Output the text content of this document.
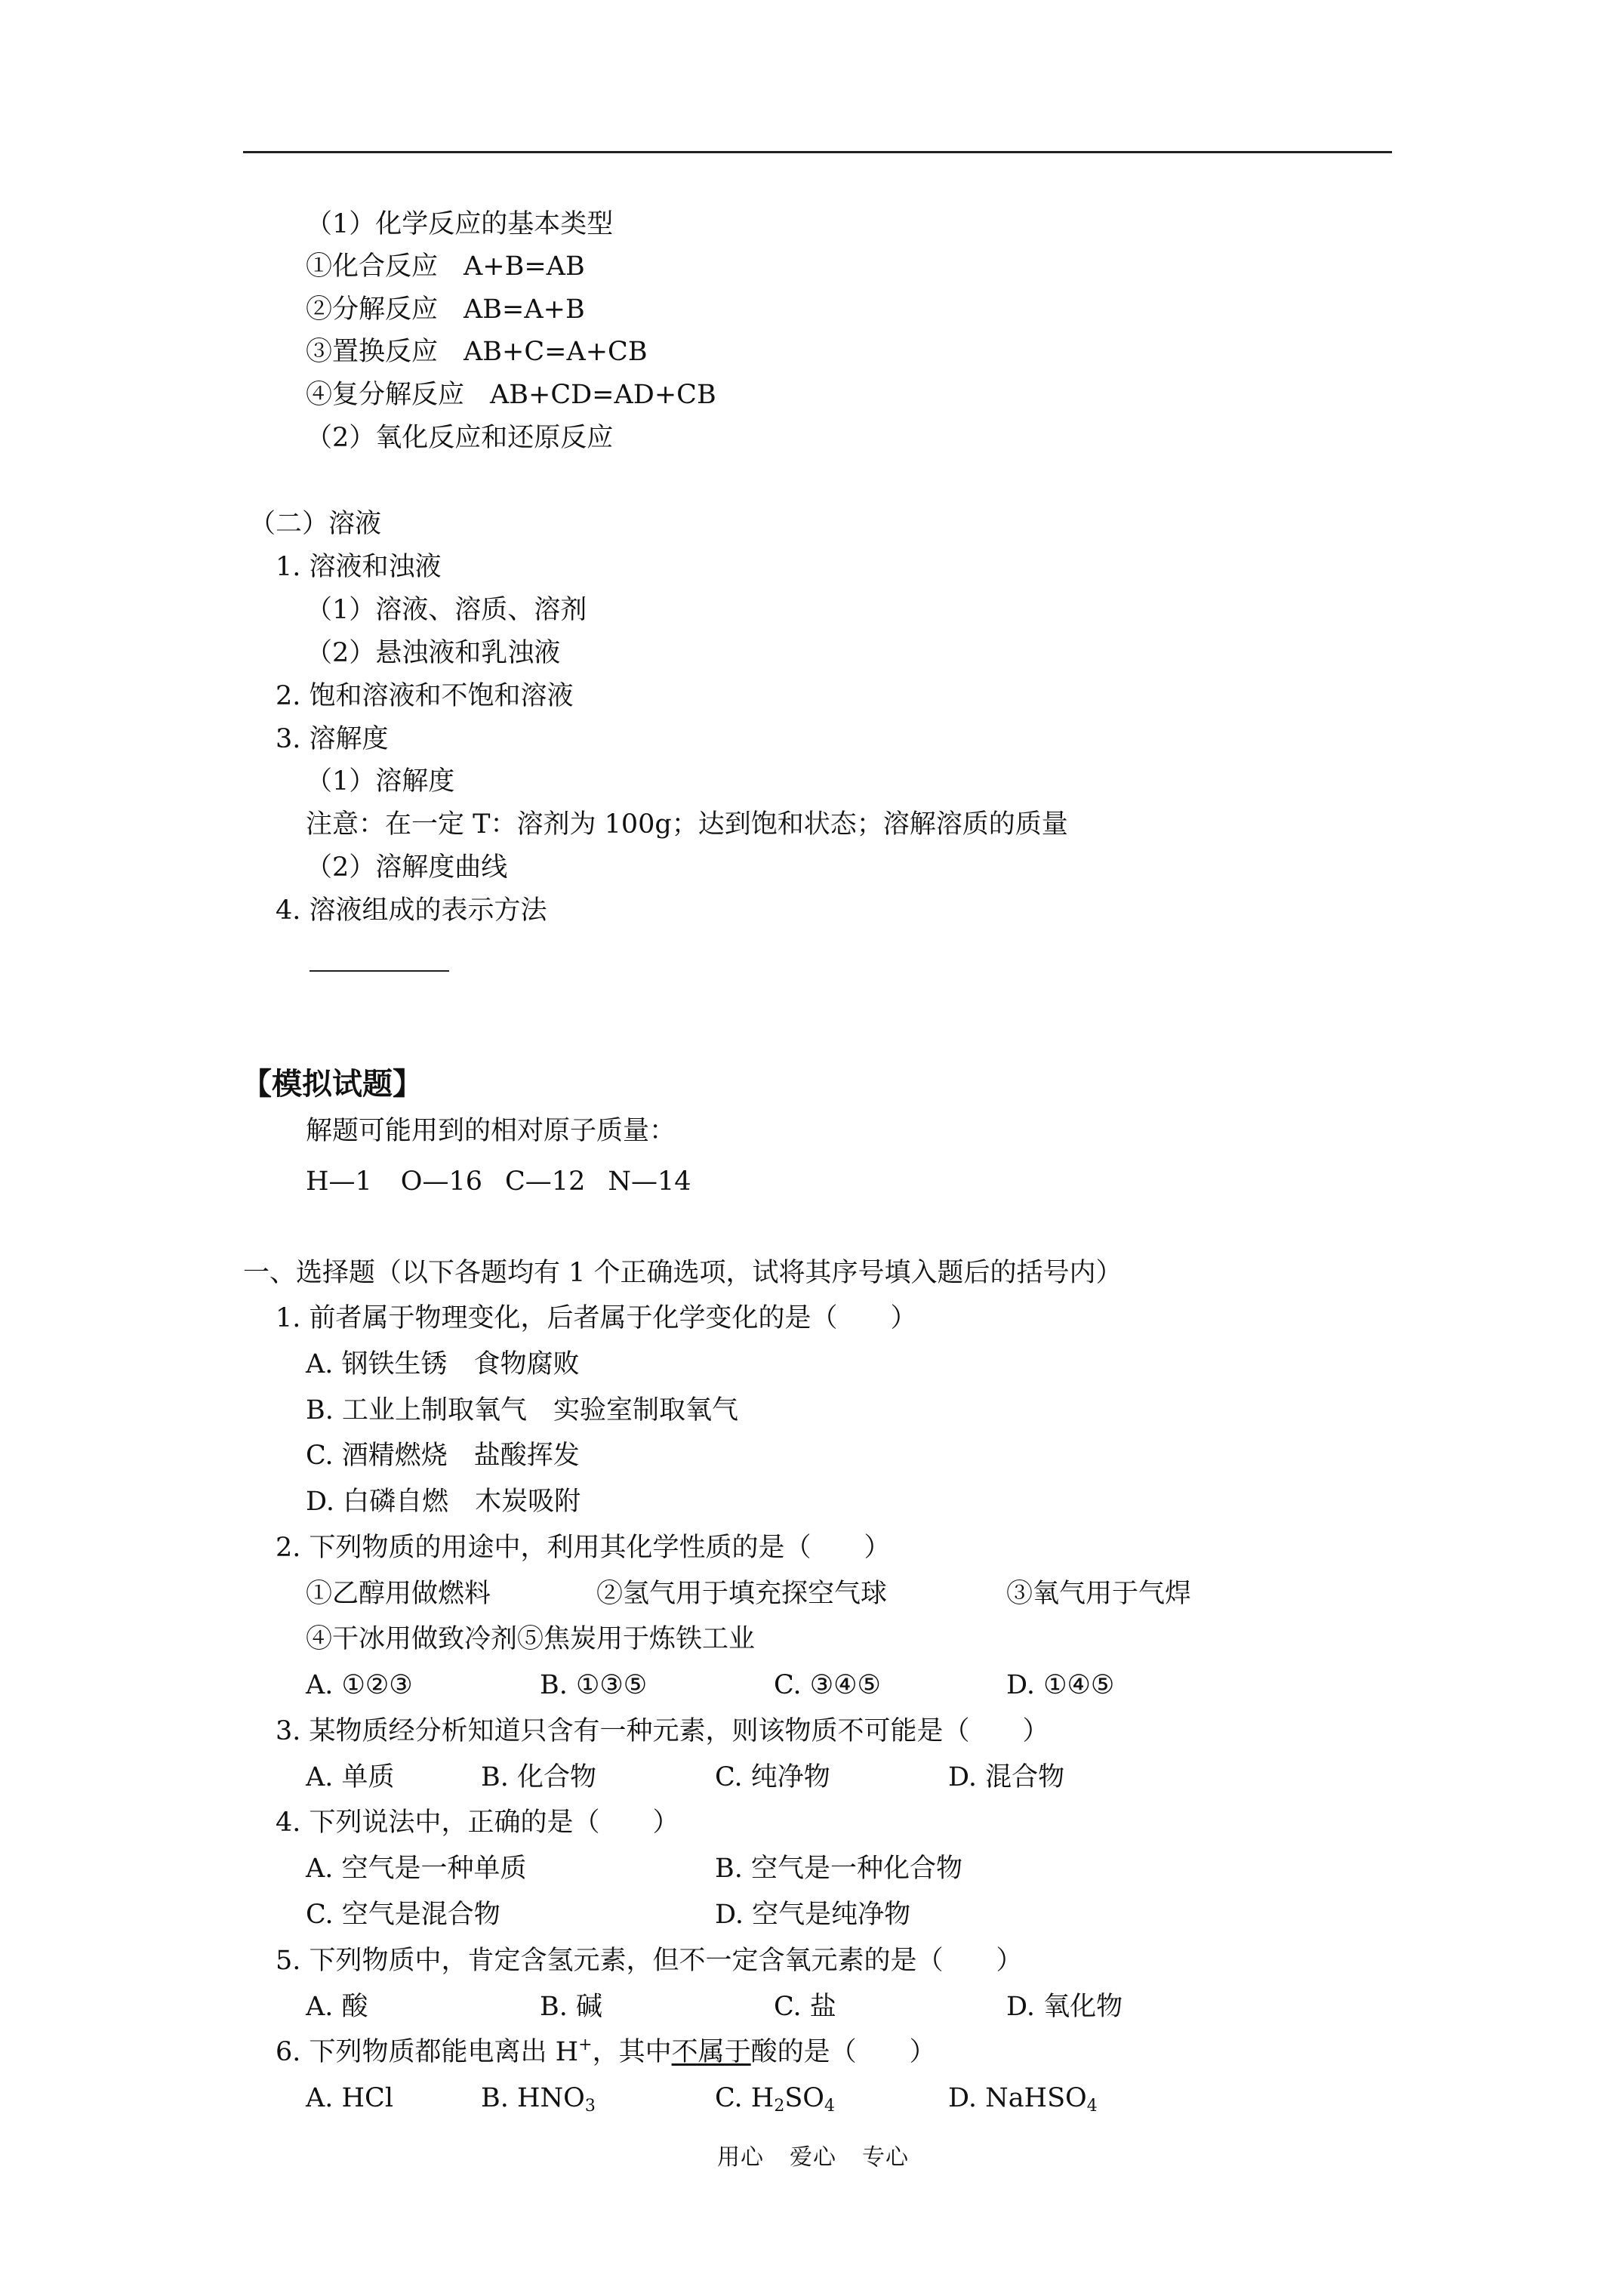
（1）化学反应的基本类型
①化合反应 A+B=AB
②分解反应 AB=A+B
③置换反应 AB+C=A+CB
④复分解反应 AB+CD=AD+CB
（2）氧化反应和还原反应
（二）溶液
1. 溶液和浊液
（1）溶液、溶质、溶剂
（2）悬浊液和乳浊液
2. 饱和溶液和不饱和溶液
3. 溶解度
（1）溶解度
注意：在一定 T：溶剂为 100g；达到饱和状态；溶解溶质的质量
（2）溶解度曲线
4. 溶液组成的表示方法
【模拟试题】
解题可能用到的相对原子质量：
H—1 O—16 C—12 N—14
一、选择题（以下各题均有 1 个正确选项，试将其序号填入题后的括号内）
1. 前者属于物理变化，后者属于化学变化的是（　　）
A. 钢铁生锈　食物腐败
B. 工业上制取氧气　实验室制取氧气
C. 酒精燃烧　盐酸挥发
D. 白磷自燃　木炭吸附
2. 下列物质的用途中，利用其化学性质的是（　　）
①乙醇用做燃料	②氢气用于填充探空气球	③氧气用于气焊
④干冰用做致冷剂⑤焦炭用于炼铁工业
A. ①②③	B. ①③⑤	C. ③④⑤	D. ①④⑤
3. 某物质经分析知道只含有一种元素，则该物质不可能是（　　）
A. 单质	B. 化合物	C. 纯净物	D. 混合物
4. 下列说法中，正确的是（　　）
A. 空气是一种单质	B. 空气是一种化合物
C. 空气是混合物	D. 空气是纯净物
5. 下列物质中，肯定含氢元素，但不一定含氧元素的是（　　）
A. 酸	B. 碱	C. 盐	D. 氧化物
6. 下列物质都能电离出 H+，其中不属于酸的是（　　）
A. HCl	B. $HNO_3$	C. $H_2SO_4$	D. NaHSO$_4$
用心 爱心 专心
